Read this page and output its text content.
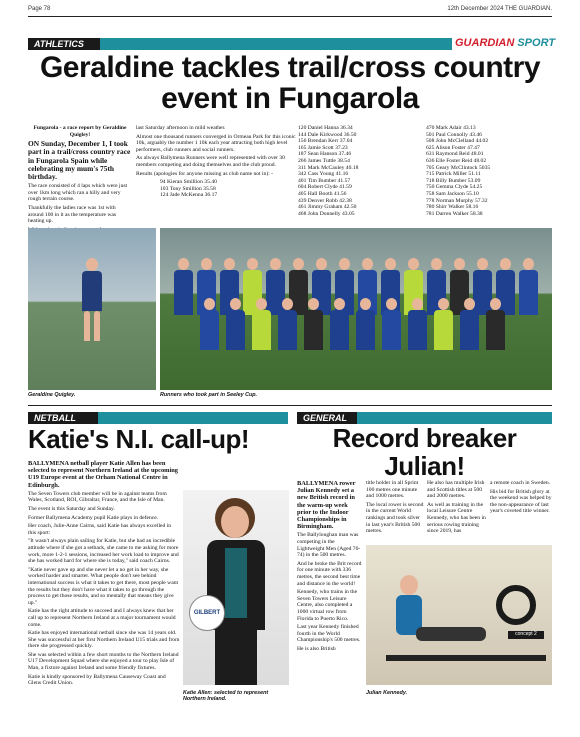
Page 78	12th December 2024 THE GUARDIAN.
ATHLETICS	GUARDIAN SPORT
Geraldine tackles trail/cross country event in Fungarola

Fungarola - a race report by Geraldine Quigley!

ON Sunday, December 1, I took part in a trail/cross country race in Fungarola Spain while celebrating my mum's 75th birthday.

The race consisted of 4 laps which were just over 1km long which ran a hilly and very rough terrain course.

Thankfully the ladies race was 1st with around 100 in it as the temperature was heating up.

last Saturday afternoon in mild weather.

Almost one thousand runners converged in Ormeau Park for this iconic 10k, arguably the number 1 10k each year attracting both high level performers, club runners and social runners.

As always Ballymena Runners were well represented with over 30 members competing and doing themselves and the club proud.

Results (apologies for anyone missing as club name not in): -

94 Kieran Smillion 35.40
103 Tony Smillion 35.58
124 Jade McKenna 36.17
120 Daniel Hanna 36.34
144 Dale Kirkwood 36.50
156 Brendan Kerr 37.04
165 Jamie Scott 37.23
187 Sean Hanson 37.46
266 James Tuttle 38.54
311 Mark McCauley 40.18
342 Cass Young 41.16
401 Tim Bumber 41.57
604 Robert Clyde 41.59
405 Hall Booth 41.56
439 Denver Robb 42.38
461 Jimmy Graham 42.50
468 John Donnelly 43.05
470 Mark Adair 43.13
501 Paul Connolly 43.46
508 John McClelland 44.02
625 Alison Foster 47.47
631 Raymond Reid 48.01
636 Elle Foster Reid 48.02
705 Geary McClintock 5035
715 Patrick Miller 51.11
718 Billy Bumber 53.09
750 Gemma Clyde 54.25
758 Sam Jackson 55.10
778 Norman Murphy 57.32
780 Shirr Walker 58.16
781 Darren Walker 58.38
Geraldine Quigley.	Runners who took part in Seeley Cup.
NETBALL
Katie's N.I. call-up!

BALLYMENA netball player Katie Allen has been selected to represent Northern Ireland at the upcoming U19 Europe event at the Orham National Centre in Edinburgh.

The Seven Towers club member will be in against teams from Wales, Scotland, ROI, Gibraltar, France, and the Isle of Man.

The event is this Saturday and Sunday.

Former Ballymena Academy pupil Katie plays in defence.

Her coach, Julie-Anne Cairns, said Katie has always excelled in this sport:

"It wasn't always plain sailing for Katie, but she had an incredible attitude where if she got a setback, she came to me asking for more work, more 1-2-1 sessions, increased her work load to improve and she has worked hard for where she is today," said coach Cairns.

"Katie never gave up and she never let a no get in her way, she worked harder and smarter. What people don't see behind international success is what it takes to get there, most people want the results but they don't have what it takes to go through the process to get those results, and so mentally that means they give up."

Katie has the right attitude to succeed and I always knew that her call up to represent Northern Ireland at a major tournament would come.

Katie has enjoyed international netball since she was 14 years old. She was successful at her first Northern Ireland U15 trials and from there she progressed quickly.

She was selected within a few short months to the Northern Ireland U17 Development Squad where she enjoyed a tour to play Isle of Man, a fixture against Ireland and some friendly fixtures.

Katie is kindly sponsored by Ballymena Causeway Coast and Glens Credit Union.

GILBERT
Katie Allen: selected to represent Northern Ireland.
GENERAL
Record breaker Julian!

BALLYMENA rower Julian Kennedy set a new British record in the warm-up week prior to the Indoor Championships in Birmingham.

The Ballyloughan man was competing in the Lightweight Men (Aged 70-74) in the 500 metres.

And he broke the Brit record for one minute with 336 metres, the second best time and distance in the world!

Kennedy, who trains in the Seven Towers Leisure Centre, also completed a 1000 virtual row from Florida to Puerto Rico.

Last year Kennedy finished fourth in the World Championship's 500 metres.

He is also British

title holder in all Sprint 100 metres one minute and 1000 metres.

The local rower is second in the current World rankings and took silver in last year's British 500 metres.

He also has multiple Irish and Scottish titles at 500 and 2000 metres.

As well as training in the local Leisure Centre Kennedy, who has been in serious rowing training since 2019, has

a remote coach in Sweden.

His bid for British glory at the weekend was helped by the non-appearance of last year's coveted title winner.

concept 2
Julian Kennedy.
